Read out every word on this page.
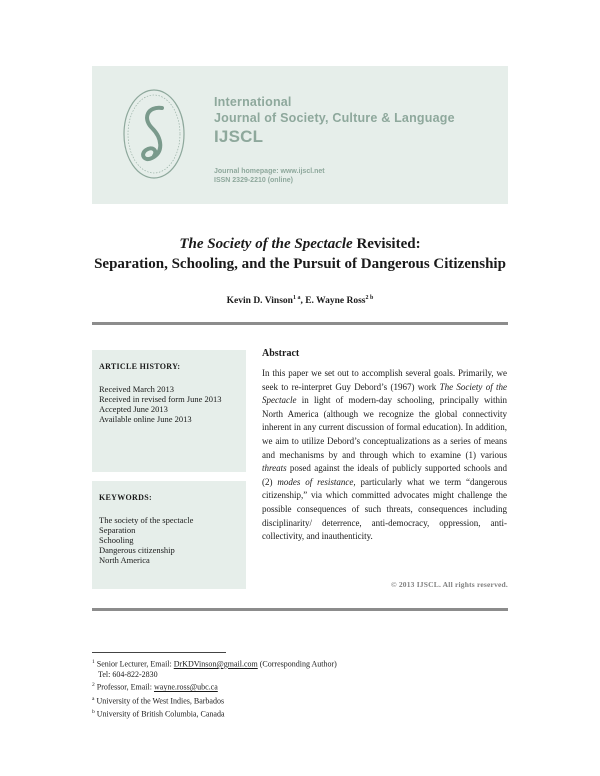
International
Journal of Society, Culture & Language
IJSCL
Journal homepage: www.ijscl.net
ISSN 2329-2210 (online)
The Society of the Spectacle Revisited:
Separation, Schooling, and the Pursuit of Dangerous Citizenship
Kevin D. Vinson$^{1 a}$, E. Wayne Ross$^{2 b}$
ARTICLE HISTORY:
Received March 2013
Received in revised form June 2013
Accepted June 2013
Available online June 2013
KEYWORDS:
The society of the spectacle
Separation
Schooling
Dangerous citizenship
North America
Abstract
In this paper we set out to accomplish several goals. Primarily, we seek to re-interpret Guy Debord’s (1967) work The Society of the Spectacle in light of modern-day schooling, principally within North America (although we recognize the global connectivity inherent in any current discussion of formal education). In addition, we aim to utilize Debord’s conceptualizations as a series of means and mechanisms by and through which to examine (1) various threats posed against the ideals of publicly supported schools and (2) modes of resistance, particularly what we term “dangerous citizenship,” via which committed advocates might challenge the possible consequences of such threats, consequences including disciplinarity/ deterrence, anti-democracy, oppression, anti-collectivity, and inauthenticity.
© 2013 IJSCL. All rights reserved.
$^1$ Senior Lecturer, Email: DrKDVinson@gmail.com (Corresponding Author)
Tel: 604-822-2830
$^2$ Professor, Email: wayne.ross@ubc.ca
$^a$ University of the West Indies, Barbados
$^b$ University of British Columbia, Canada
